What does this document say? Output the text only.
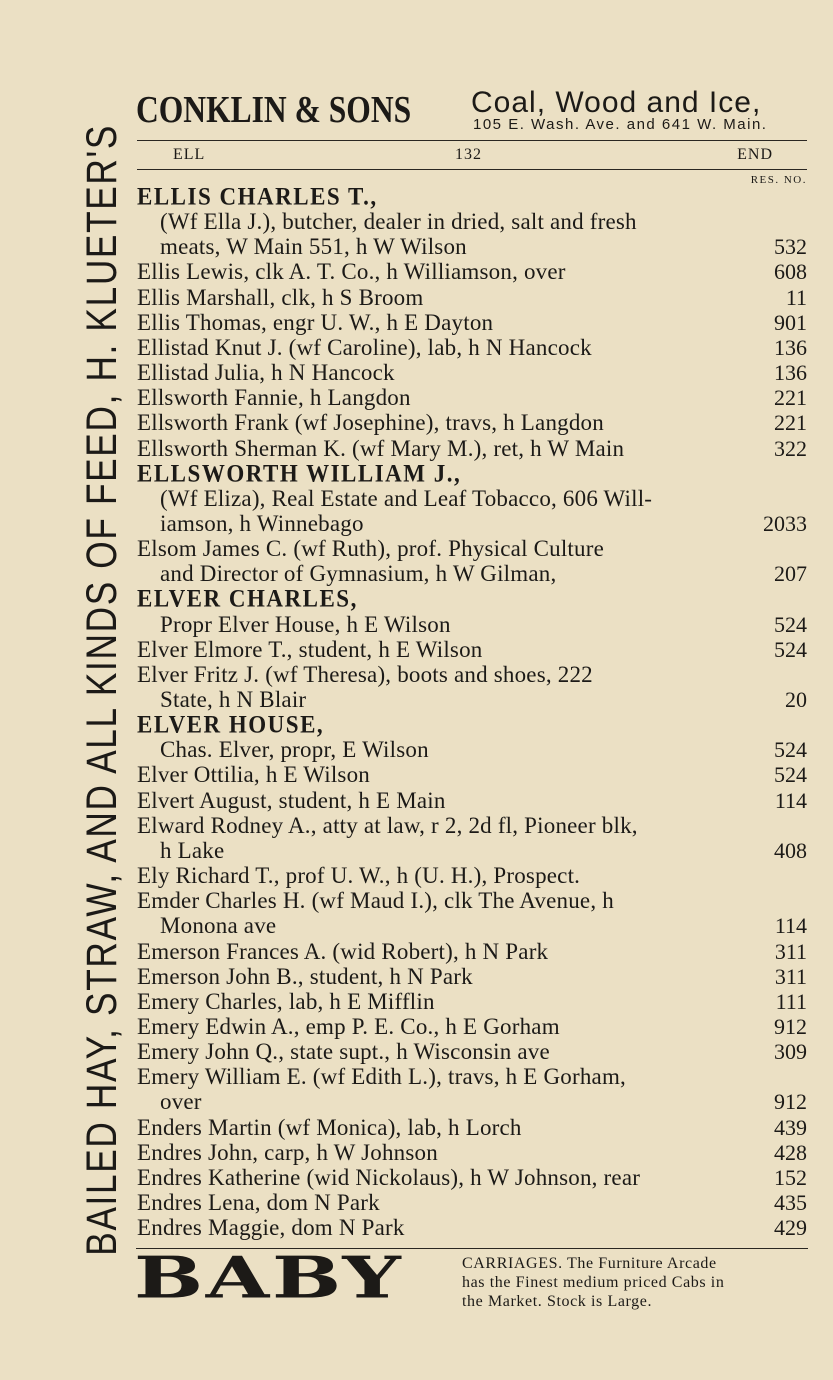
BAILED HAY, STRAW, AND ALL KINDS OF FEED, H. KLUETER'S
CONKLIN & SONS Coal, Wood and Ice,
105 E. Wash. Ave. and 641 W. Main.
ELL	132	END
RES. NO.
ELLIS CHARLES T.,
(Wf Ella J.), butcher, dealer in dried, salt and fresh
meats, W Main 551, h W Wilson	532
Ellis Lewis, clk A. T. Co., h Williamson, over	608
Ellis Marshall, clk, h S Broom	11
Ellis Thomas, engr U. W., h E Dayton	901
Ellistad Knut J. (wf Caroline), lab, h N Hancock	136
Ellistad Julia, h N Hancock	136
Ellsworth Fannie, h Langdon	221
Ellsworth Frank (wf Josephine), travs, h Langdon	221
Ellsworth Sherman K. (wf Mary M.), ret, h W Main	322
ELLSWORTH WILLIAM J.,
(Wf Eliza), Real Estate and Leaf Tobacco, 606 Will-
iamson, h Winnebago	2033
Elsom James C. (wf Ruth), prof. Physical Culture
and Director of Gymnasium, h W Gilman,	207
ELVER CHARLES,
Propr Elver House, h E Wilson	524
Elver Elmore T., student, h E Wilson	524
Elver Fritz J. (wf Theresa), boots and shoes, 222
State, h N Blair	20
ELVER HOUSE,
Chas. Elver, propr, E Wilson	524
Elver Ottilia, h E Wilson	524
Elvert August, student, h E Main	114
Elward Rodney A., atty at law, r 2, 2d fl, Pioneer blk,
h Lake	408
Ely Richard T., prof U. W., h (U. H.), Prospect.
Emder Charles H. (wf Maud I.), clk The Avenue, h
Monona ave	114
Emerson Frances A. (wid Robert), h N Park	311
Emerson John B., student, h N Park	311
Emery Charles, lab, h E Mifflin	111
Emery Edwin A., emp P. E. Co., h E Gorham	912
Emery John Q., state supt., h Wisconsin ave	309
Emery William E. (wf Edith L.), travs, h E Gorham,
over	912
Enders Martin (wf Monica), lab, h Lorch	439
Endres John, carp, h W Johnson	428
Endres Katherine (wid Nickolaus), h W Johnson, rear	152
Endres Lena, dom N Park	435
Endres Maggie, dom N Park	429
BABY	CARRIAGES. The Furniture Arcade
has the Finest medium priced Cabs in
the Market. Stock is Large.
